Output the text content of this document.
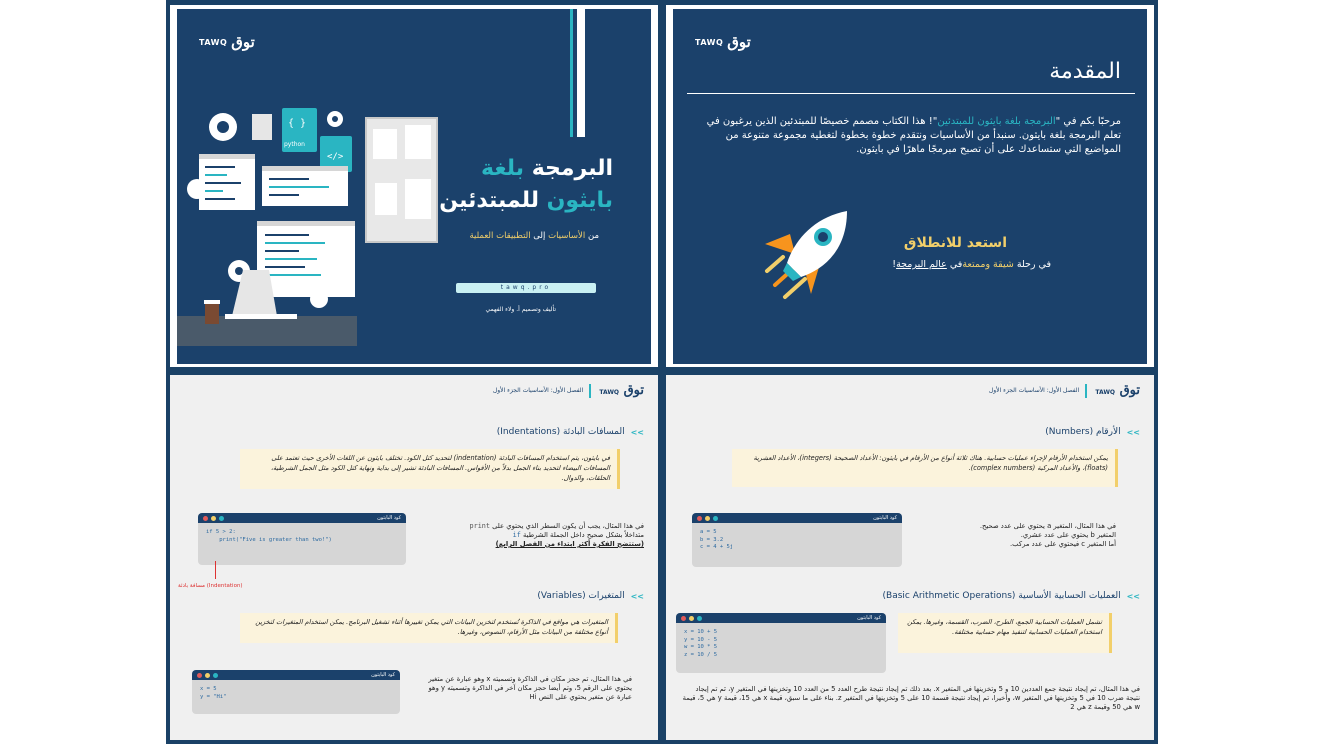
TAWQ توق
{ }
python
</>	البرمجة بلغة
بايثون للمبتدئين
من الأساسيات إلى التطبيقات العملية
tawq.pro
تأليف وتصميم أ. ولاء الفهمي
TAWQ توق
المقدمة
مرحبًا بكم في "البرمجة بلغة بايثون للمبتدئين"! هذا الكتاب مصمم خصيصًا للمبتدئين الذين يرغبون في تعلم البرمجة بلغة بايثون. سنبدأ من الأساسيات ونتقدم خطوة بخطوة لتغطية مجموعة متنوعة من المواضيع التي ستساعدك على أن تصبح مبرمجًا ماهرًا في بايثون.
استعد للانطلاق
في رحلة شيقة وممتعةفي عالم البرمجة!
توق TAWQ
الفصل الأول: الأساسيات الجزء الأول
>>
المسافات البادئة (Indentations)
في بايثون، يتم استخدام المسافات البادئة (indentation) لتحديد كتل الكود. تختلف بايثون عن اللغات الأخرى حيث تعتمد على المسافات البيضاء لتحديد بناء الجمل بدلاً من الأقواس. المسافات البادئة تشير إلى بداية ونهاية كتل الكود مثل الجمل الشرطية، الحلقات، والدوال.
كود البايثون
if 5 > 2:
print("Five is greater than two!")
مسافة بادئة (Indentation)
في هذا المثال، يجب أن يكون السطر الذي يحتوي على print
متداخلاً بشكل صحيح داخل الجملة الشرطية if
(ستتضح الفكرة أكثر ابتداء من الفصل الرابع)
>>
المتغيرات (Variables)
المتغيرات هي مواقع في الذاكرة تُستخدم لتخزين البيانات التي يمكن تغييرها أثناء تشغيل البرنامج. يمكن استخدام المتغيرات لتخزين أنواع مختلفة من البيانات مثل الأرقام، النصوص، وغيرها.
كود البايثون
x = 5
y = "Hi"
في هذا المثال، تم حجز مكان في الذاكرة وتسميته x وهو عبارة عن متغير يحتوي على الرقم 5، وتم أيضا حجز مكان آخر في الذاكرة وتسميته y وهو عبارة عن متغير يحتوي على النص Hi
توق TAWQ
الفصل الأول: الأساسيات الجزء الأول
>>
الأرقام (Numbers)
يمكن استخدام الأرقام لإجراء عمليات حسابية. هناك ثلاثة أنواع من الأرقام في بايثون: الأعداد الصحيحة (integers)، الأعداد العشرية (floats)، والأعداد المركبة (complex numbers).
كود البايثون
a = 5
b = 3.2
c = 4 + 5j
في هذا المثال، المتغير a يحتوي على عدد صحيح.
المتغير b يحتوي على عدد عشري.
أما المتغير c فيحتوي على عدد مركب.
>>
العمليات الحسابية الأساسية (Basic Arithmetic Operations)
تشمل العمليات الحسابية الجمع، الطرح، الضرب، القسمة، وغيرها. يمكن استخدام العمليات الحسابية لتنفيذ مهام حسابية مختلفة.
كود البايثون
x = 10 + 5
y = 10 - 5
w = 10 * 5
z = 10 / 5
في هذا المثال، تم إيجاد نتيجة جمع العددين 10 و 5 وتخزينها في المتغير x. بعد ذلك تم إيجاد نتيجة طرح العدد 5 من العدد 10 وتخزينها في المتغير y، ثم تم إيجاد نتيجة ضرب 10 في 5 وتخزينها في المتغير w، وأخيرا، تم إيجاد نتيجة قسمة 10 على 5 وتخزينها في المتغير z. بناء على ما سبق، قيمة x هي 15، قيمة y هي 5، قيمة w هي 50 وقيمة z هي 2
